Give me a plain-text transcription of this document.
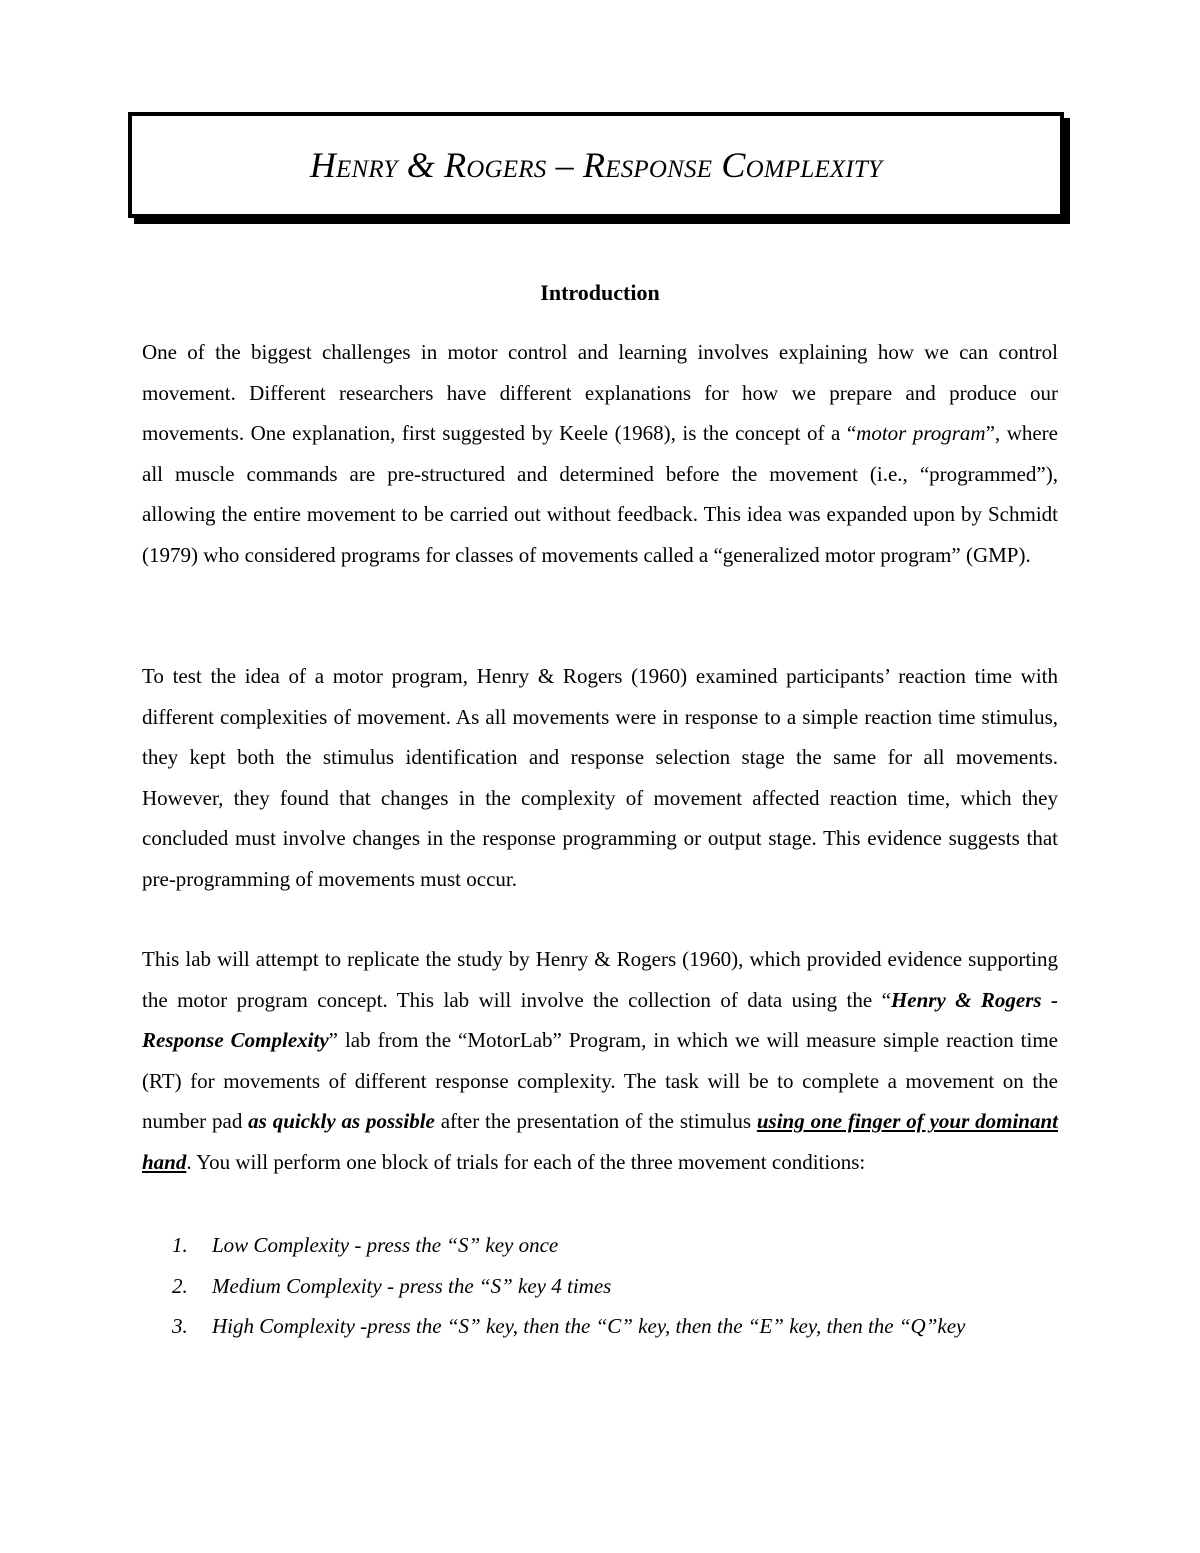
Henry & Rogers – Response Complexity
Introduction

One of the biggest challenges in motor control and learning involves explaining how we can control movement. Different researchers have different explanations for how we prepare and produce our movements. One explanation, first suggested by Keele (1968), is the concept of a “motor program”, where all muscle commands are pre-structured and determined before the movement (i.e., “programmed”), allowing the entire movement to be carried out without feedback. This idea was expanded upon by Schmidt (1979) who considered programs for classes of movements called a “generalized motor program” (GMP).

To test the idea of a motor program, Henry & Rogers (1960) examined participants’ reaction time with different complexities of movement. As all movements were in response to a simple reaction time stimulus, they kept both the stimulus identification and response selection stage the same for all movements. However, they found that changes in the complexity of movement affected reaction time, which they concluded must involve changes in the response programming or output stage. This evidence suggests that pre-programming of movements must occur.

This lab will attempt to replicate the study by Henry & Rogers (1960), which provided evidence supporting the motor program concept. This lab will involve the collection of data using the “Henry & Rogers - Response Complexity” lab from the “MotorLab” Program, in which we will measure simple reaction time (RT) for movements of different response complexity. The task will be to complete a movement on the number pad as quickly as possible after the presentation of the stimulus using one finger of your dominant hand. You will perform one block of trials for each of the three movement conditions:

1.	Low Complexity - press the “S” key once
2.	Medium Complexity - press the “S” key 4 times
3.	High Complexity -press the “S” key, then the “C” key, then the “E” key, then the “Q”key
